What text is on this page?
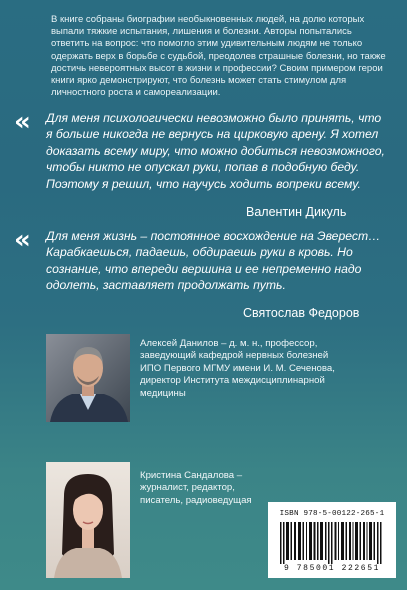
В книге собраны биографии необыкновенных людей, на долю которых выпали тяжкие испытания, лишения и болезни. Авторы попытались ответить на вопрос: что помогло этим удивительным людям не только одержать верх в борьбе с судьбой, преодолев страшные болезни, но также достичь невероятных высот в жизни и профессии? Своим примером герои книги ярко демонстрируют, что болезнь может стать стимулом для личностного роста и самореализации.

« Для меня психологически невозможно было принять, что я больше никогда не вернусь на цирковую арену. Я хотел доказать всему миру, что можно добиться невозможного, чтобы никто не опускал руки, попав в подобную беду. Поэтому я решил, что научусь ходить вопреки всему.

Валентин Дикуль
« Для меня жизнь – постоянное восхождение на Эверест… Карабкаешься, падаешь, обдираешь руки в кровь. Но сознание, что впереди вершина и ее непременно надо одолеть, заставляет продолжать путь.

Святослав Федоров

Алексей Данилов – д. м. н., профессор, заведующий кафедрой нервных болезней ИПО Первого МГМУ имени И. М. Сеченова, директор Института междисциплинарной медицины

Кристина Сандалова – журналист, редактор, писатель, радиоведущая

ISBN 978-5-00122-265-1
9 785001 222651
